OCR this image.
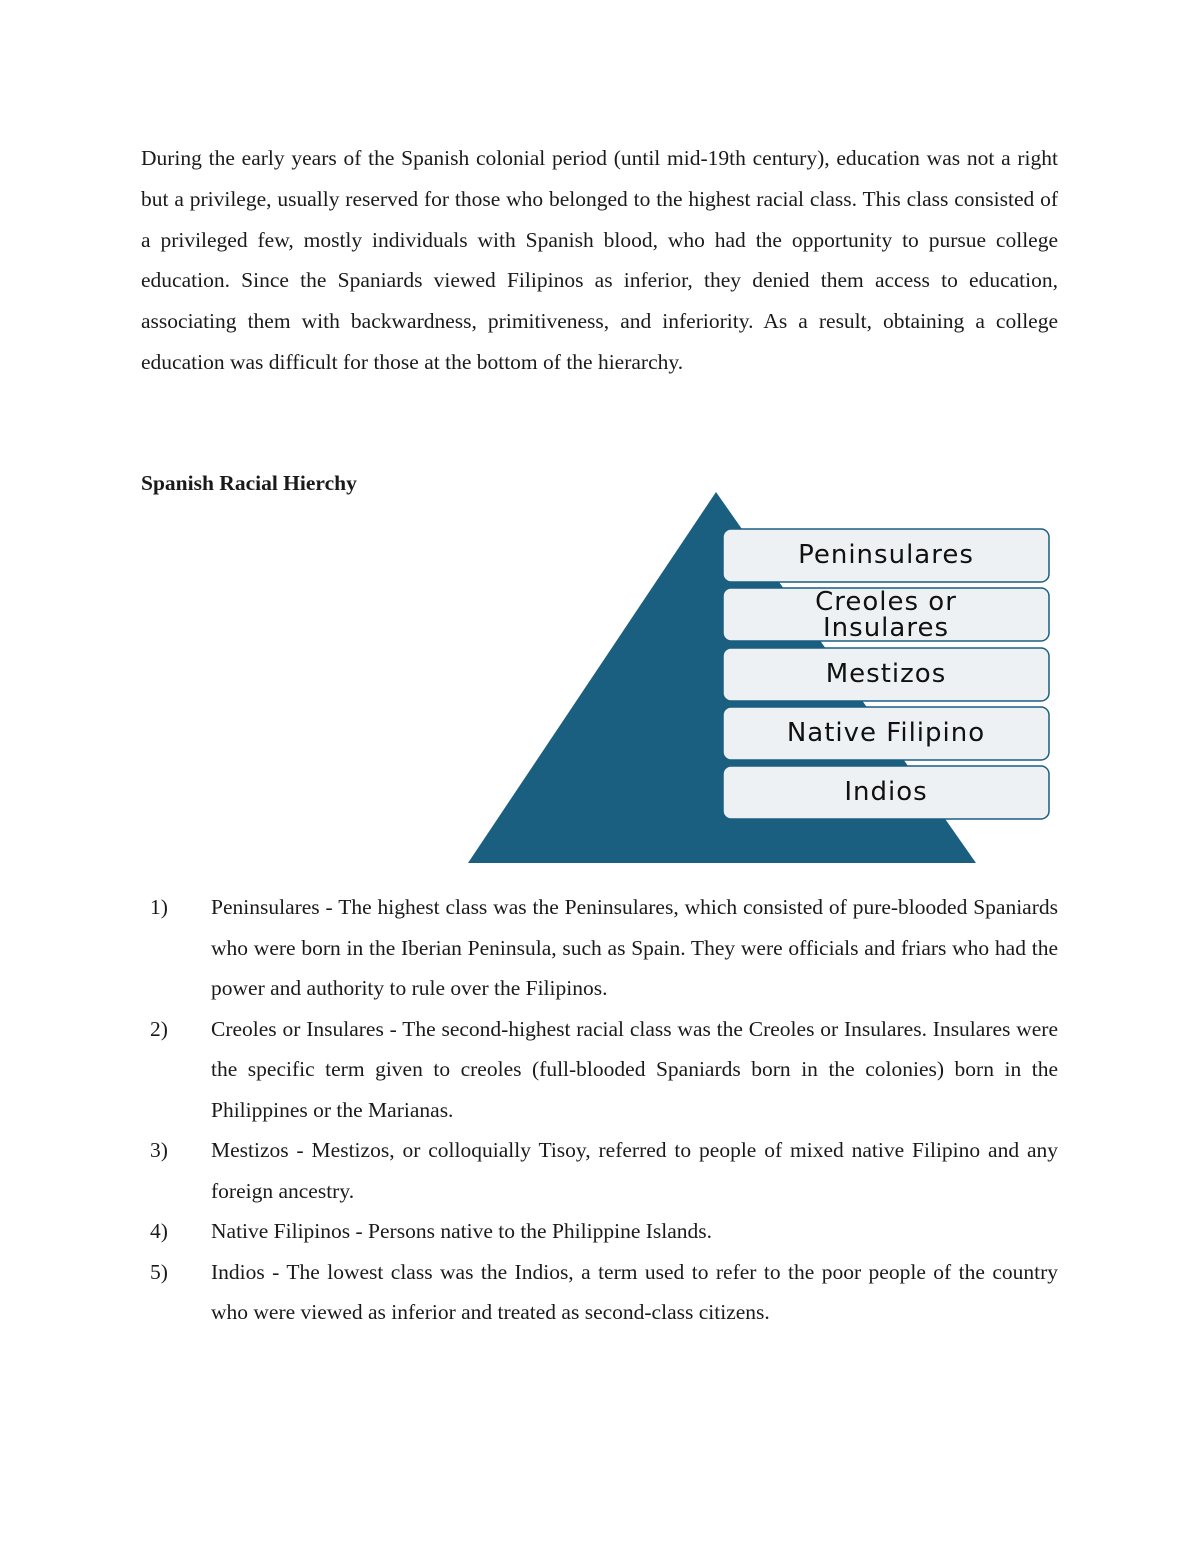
During the early years of the Spanish colonial period (until mid-19th century), education was not a right but a privilege, usually reserved for those who belonged to the highest racial class. This class consisted of a privileged few, mostly individuals with Spanish blood, who had the opportunity to pursue college education. Since the Spaniards viewed Filipinos as inferior, they denied them access to education, associating them with backwardness, primitiveness, and inferiority. As a result, obtaining a college education was difficult for those at the bottom of the hierarchy.

Spanish Racial Hierchy
Peninsulares
Creoles or
Insulares
Mestizos
Native Filipino
Indios
1) Peninsulares - The highest class was the Peninsulares, which consisted of pure-blooded Spaniards who were born in the Iberian Peninsula, such as Spain. They were officials and friars who had the power and authority to rule over the Filipinos.
2) Creoles or Insulares - The second-highest racial class was the Creoles or Insulares. Insulares were the specific term given to creoles (full-blooded Spaniards born in the colonies) born in the Philippines or the Marianas.
3) Mestizos - Mestizos, or colloquially Tisoy, referred to people of mixed native Filipino and any foreign ancestry.
4) Native Filipinos - Persons native to the Philippine Islands.
5) Indios - The lowest class was the Indios, a term used to refer to the poor people of the country who were viewed as inferior and treated as second-class citizens.
